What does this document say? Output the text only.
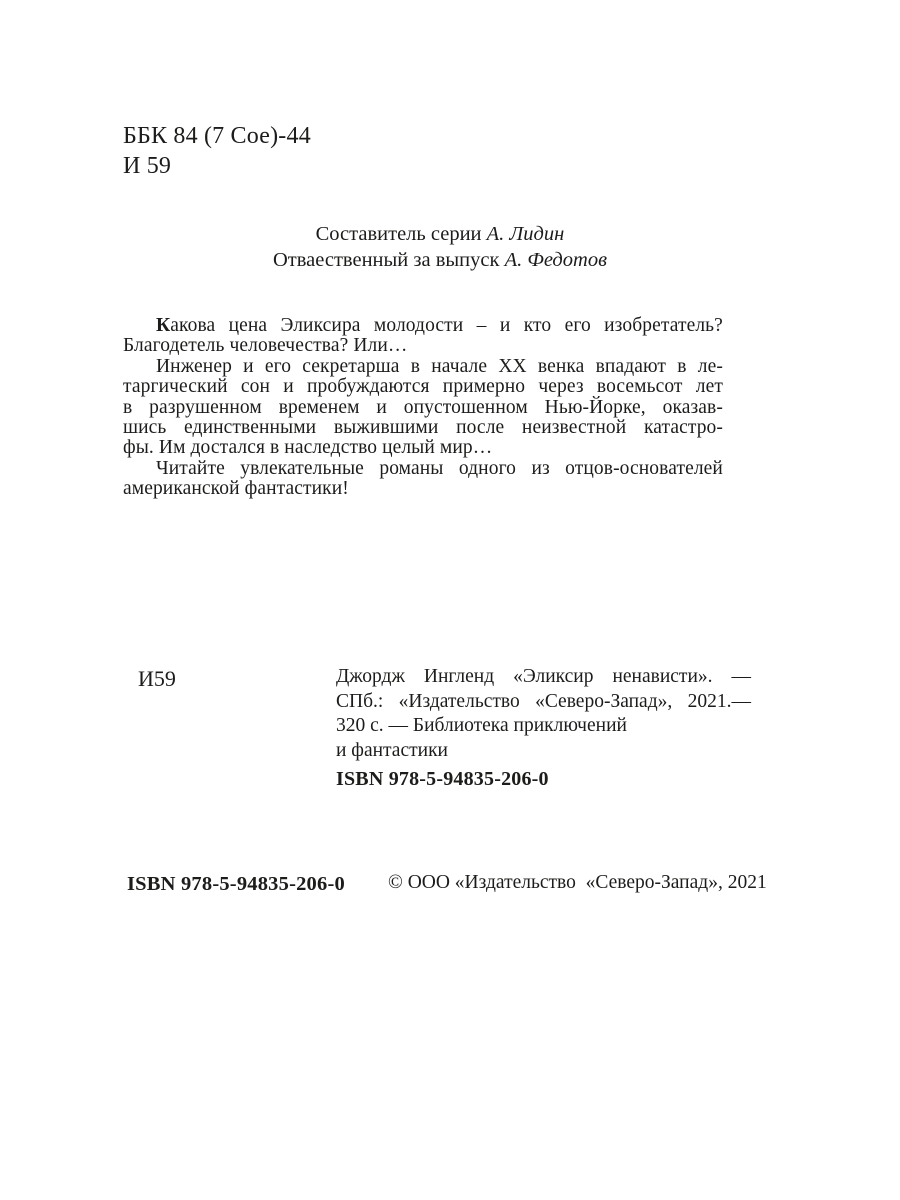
ББК 84 (7 Сое)-44
И 59
Составитель серии А. Лидин
Отваественный за выпуск А. Федотов
Какова цена Эликсира молодости – и кто его изобретатель?
Благодетель человечества? Или…
Инженер и его секретарша в начале XX венка впадают в ле-
таргический сон и пробуждаются примерно через восемьсот лет
в разрушенном временем и опустошенном Нью-Йорке, оказав-
шись единственными выжившими после неизвестной катастро-
фы. Им достался в наследство целый мир…
Читайте увлекательные романы одного из отцов-основателей
американской фантастики!
И59	Джордж Ингленд «Эликсир ненависти». —
СПб.: «Издательство «Северо-Запад», 2021.—
320 с. — Библиотека приключений
и фантастики
ISBN 978-5-94835-206-0
ISBN 978-5-94835-206-0 © ООО «Издательство  «Северо-Запад», 2021
